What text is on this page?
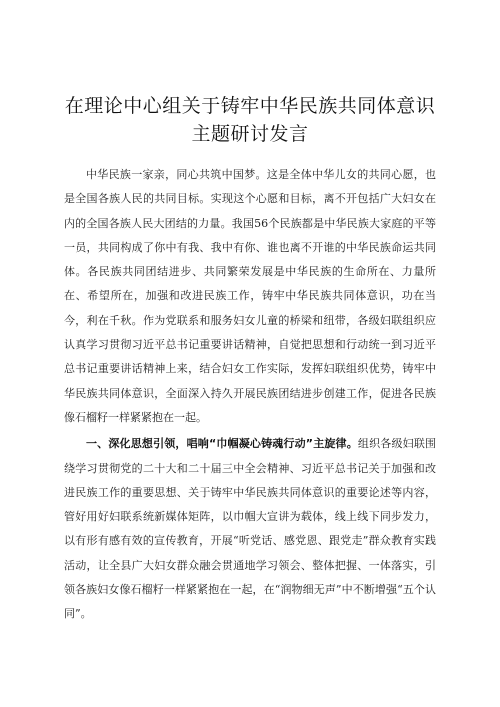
在理论中心组关于铸牢中华民族共同体意识主题研讨发言

中华民族一家亲，同心共筑中国梦。这是全体中华儿女的共同心愿，也是全国各族人民的共同目标。实现这个心愿和目标，离不开包括广大妇女在内的全国各族人民大团结的力量。我国56个民族都是中华民族大家庭的平等一员，共同构成了你中有我、我中有你、谁也离不开谁的中华民族命运共同体。各民族共同团结进步、共同繁荣发展是中华民族的生命所在、力量所在、希望所在，加强和改进民族工作，铸牢中华民族共同体意识，功在当今，利在千秋。作为党联系和服务妇女儿童的桥梁和纽带，各级妇联组织应认真学习贯彻习近平总书记重要讲话精神，自觉把思想和行动统一到习近平总书记重要讲话精神上来，结合妇女工作实际，发挥妇联组织优势，铸牢中华民族共同体意识，全面深入持久开展民族团结进步创建工作，促进各民族像石榴籽一样紧紧抱在一起。

一、深化思想引领，唱响“巾帼凝心铸魂行动”主旋律。组织各级妇联围绕学习贯彻党的二十大和二十届三中全会精神、习近平总书记关于加强和改进民族工作的重要思想、关于铸牢中华民族共同体意识的重要论述等内容，管好用好妇联系统新媒体矩阵，以巾帼大宣讲为载体，线上线下同步发力，以有形有感有效的宣传教育，开展“听党话、感党恩、跟党走”群众教育实践活动，让全县广大妇女群众融会贯通地学习领会、整体把握、一体落实，引领各族妇女像石榴籽一样紧紧抱在一起，在“润物细无声”中不断增强“五个认同”。
